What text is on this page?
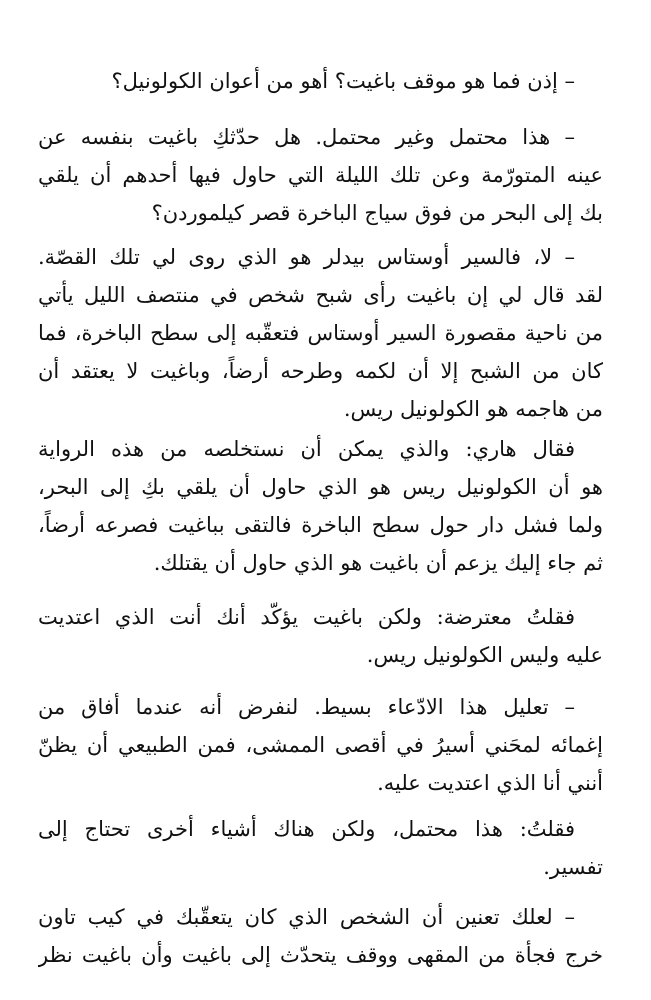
– إذن فما هو موقف باغيت؟ أهو من أعوان الكولونيل؟

– هذا محتمل وغير محتمل. هل حدّثكِ باغيت بنفسه عن
عينه المتورّمة وعن تلك الليلة التي حاول فيها أحدهم أن يلقي
بك إلى البحر من فوق سياج الباخرة قصر كيلموردن؟

– لا، فالسير أوستاس بيدلر هو الذي روى لي تلك القصّة.
لقد قال لي إن باغيت رأى شبح شخص في منتصف الليل يأتي
من ناحية مقصورة السير أوستاس فتعقّبه إلى سطح الباخرة، فما
كان من الشبح إلا أن لكمه وطرحه أرضاً، وباغيت لا يعتقد أن
من هاجمه هو الكولونيل ريس.

فقال هاري: والذي يمكن أن نستخلصه من هذه الرواية
هو أن الكولونيل ريس هو الذي حاول أن يلقي بكِ إلى البحر،
ولما فشل دار حول سطح الباخرة فالتقى بباغيت فصرعه أرضاً،
ثم جاء إليك يزعم أن باغيت هو الذي حاول أن يقتلك.

فقلتُ معترضة: ولكن باغيت يؤكّد أنك أنت الذي اعتديت
عليه وليس الكولونيل ريس.

– تعليل هذا الادّعاء بسيط. لنفرض أنه عندما أفاق من
إغمائه لمحَني أسيرُ في أقصى الممشى، فمن الطبيعي أن يظنّ
أنني أنا الذي اعتديت عليه.

فقلتُ: هذا محتمل، ولكن هناك أشياء أخرى تحتاج إلى
تفسير.

– لعلك تعنين أن الشخص الذي كان يتعقّبك في كيب تاون
خرج فجأة من المقهى ووقف يتحدّث إلى باغيت وأن باغيت نظر
